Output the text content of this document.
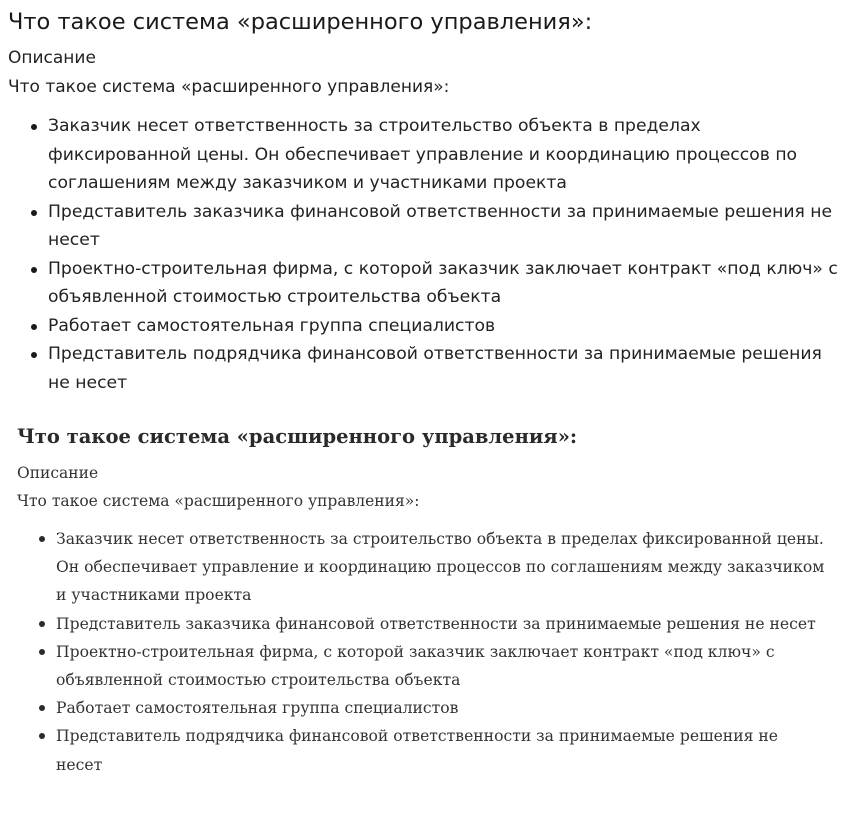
Что такое система «расширенного управления»:
Описание
Что такое система «расширенного управления»:
Заказчик несет ответственность за строительство объекта в пределах фиксированной цены. Он обеспечивает управление и координацию процессов по соглашениям между заказчиком и участниками проекта
Представитель заказчика финансовой ответственности за принимаемые решения не несет
Проектно-строительная фирма, с которой заказчик заключает контракт «под ключ» с объявленной стоимостью строительства объекта
Работает самостоятельная группа специалистов
Представитель подрядчика финансовой ответственности за принимаемые решения не несет
Что такое система «расширенного управления»:
Описание
Что такое система «расширенного управления»:
Заказчик несет ответственность за строительство объекта в пределах фиксированной цены. Он обеспечивает управление и координацию процессов по соглашениям между заказчиком и участниками проекта
Представитель заказчика финансовой ответственности за принимаемые решения не несет
Проектно-строительная фирма, с которой заказчик заключает контракт «под ключ» с объявленной стоимостью строительства объекта
Работает самостоятельная группа специалистов
Представитель подрядчика финансовой ответственности за принимаемые решения не несет
